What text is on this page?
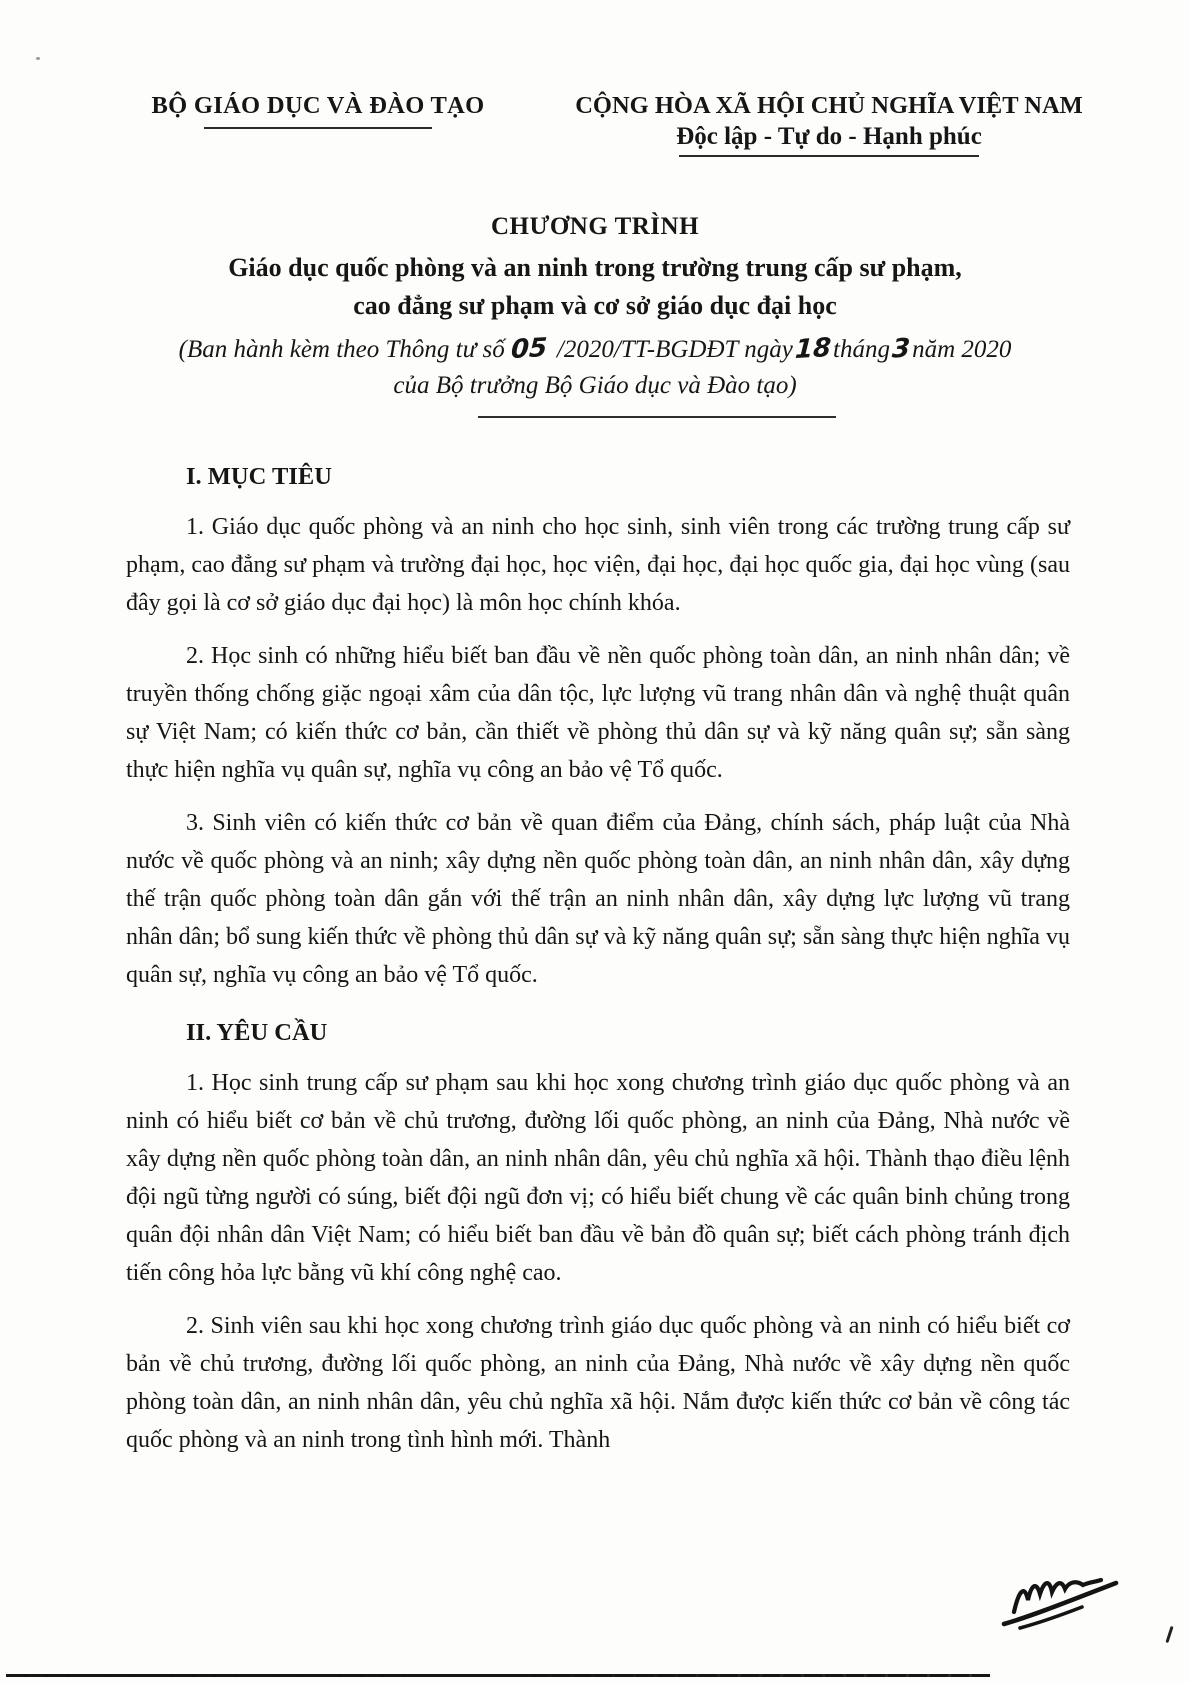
BỘ GIÁO DỤC VÀ ĐÀO TẠO	CỘNG HÒA XÃ HỘI CHỦ NGHĨA VIỆT NAM
Độc lập - Tự do - Hạnh phúc
CHƯƠNG TRÌNH
Giáo dục quốc phòng và an ninh trong trường trung cấp sư phạm,
cao đẳng sư phạm và cơ sở giáo dục đại học
(Ban hành kèm theo Thông tư số 05 /2020/TT-BGDĐT ngày18tháng3năm 2020
của Bộ trưởng Bộ Giáo dục và Đào tạo)
I. MỤC TIÊU

1. Giáo dục quốc phòng và an ninh cho học sinh, sinh viên trong các trường trung cấp sư phạm, cao đẳng sư phạm và trường đại học, học viện, đại học, đại học quốc gia, đại học vùng (sau đây gọi là cơ sở giáo dục đại học) là môn học chính khóa.

2. Học sinh có những hiểu biết ban đầu về nền quốc phòng toàn dân, an ninh nhân dân; về truyền thống chống giặc ngoại xâm của dân tộc, lực lượng vũ trang nhân dân và nghệ thuật quân sự Việt Nam; có kiến thức cơ bản, cần thiết về phòng thủ dân sự và kỹ năng quân sự; sẵn sàng thực hiện nghĩa vụ quân sự, nghĩa vụ công an bảo vệ Tổ quốc.

3. Sinh viên có kiến thức cơ bản về quan điểm của Đảng, chính sách, pháp luật của Nhà nước về quốc phòng và an ninh; xây dựng nền quốc phòng toàn dân, an ninh nhân dân, xây dựng thế trận quốc phòng toàn dân gắn với thế trận an ninh nhân dân, xây dựng lực lượng vũ trang nhân dân; bổ sung kiến thức về phòng thủ dân sự và kỹ năng quân sự; sẵn sàng thực hiện nghĩa vụ quân sự, nghĩa vụ công an bảo vệ Tổ quốc.

II. YÊU CẦU

1. Học sinh trung cấp sư phạm sau khi học xong chương trình giáo dục quốc phòng và an ninh có hiểu biết cơ bản về chủ trương, đường lối quốc phòng, an ninh của Đảng, Nhà nước về xây dựng nền quốc phòng toàn dân, an ninh nhân dân, yêu chủ nghĩa xã hội. Thành thạo điều lệnh đội ngũ từng người có súng, biết đội ngũ đơn vị; có hiểu biết chung về các quân binh chủng trong quân đội nhân dân Việt Nam; có hiểu biết ban đầu về bản đồ quân sự; biết cách phòng tránh địch tiến công hỏa lực bằng vũ khí công nghệ cao.

2. Sinh viên sau khi học xong chương trình giáo dục quốc phòng và an ninh có hiểu biết cơ bản về chủ trương, đường lối quốc phòng, an ninh của Đảng, Nhà nước về xây dựng nền quốc phòng toàn dân, an ninh nhân dân, yêu chủ nghĩa xã hội. Nắm được kiến thức cơ bản về công tác quốc phòng và an ninh trong tình hình mới. Thành
